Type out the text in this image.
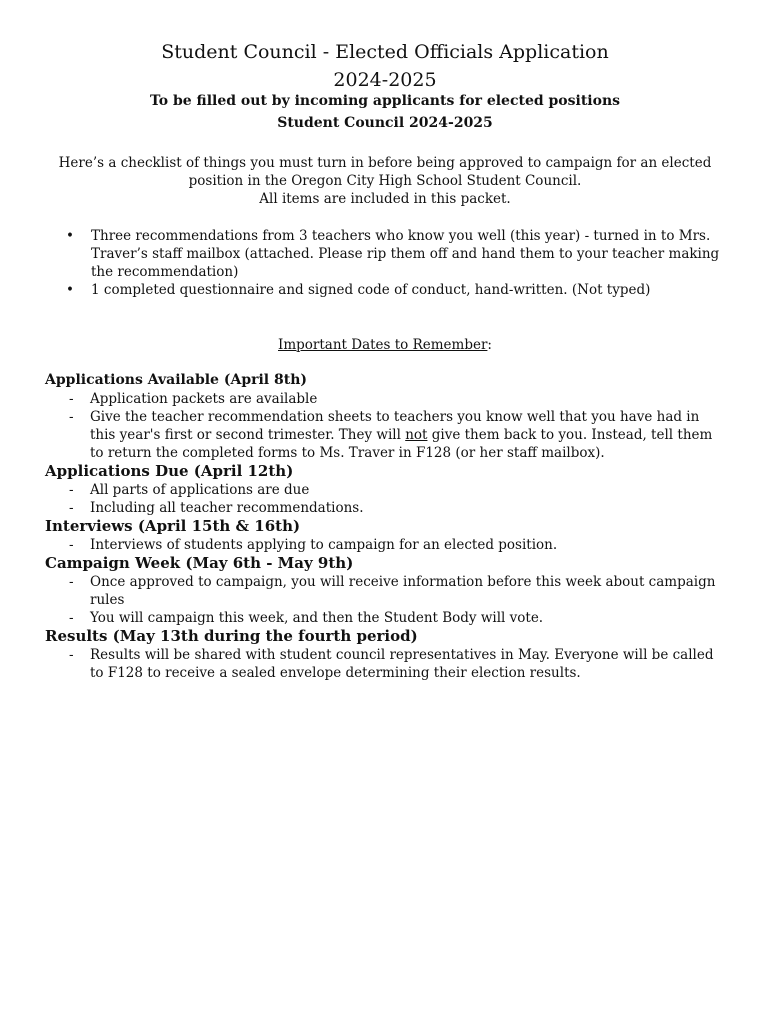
Student Council - Elected Officials Application
2024-2025
To be filled out by incoming applicants for elected positions
Student Council 2024-2025
Here’s a checklist of things you must turn in before being approved to campaign for an elected position in the Oregon City High School Student Council.
All items are included in this packet.
• Three recommendations from 3 teachers who know you well (this year) - turned in to Mrs. Traver’s staff mailbox (attached. Please rip them off and hand them to your teacher making the recommendation)
• 1 completed questionnaire and signed code of conduct, hand-written. (Not typed)
Important Dates to Remember:
Applications Available (April 8th)
- Application packets are available
- Give the teacher recommendation sheets to teachers you know well that you have had in this year's first or second trimester. They will not give them back to you. Instead, tell them to return the completed forms to Ms. Traver in F128 (or her staff mailbox).
Applications Due (April 12th)
- All parts of applications are due
- Including all teacher recommendations.
Interviews (April 15th & 16th)
- Interviews of students applying to campaign for an elected position.
Campaign Week (May 6th - May 9th)
- Once approved to campaign, you will receive information before this week about campaign rules
- You will campaign this week, and then the Student Body will vote.
Results (May 13th during the fourth period)
- Results will be shared with student council representatives in May. Everyone will be called to F128 to receive a sealed envelope determining their election results.
